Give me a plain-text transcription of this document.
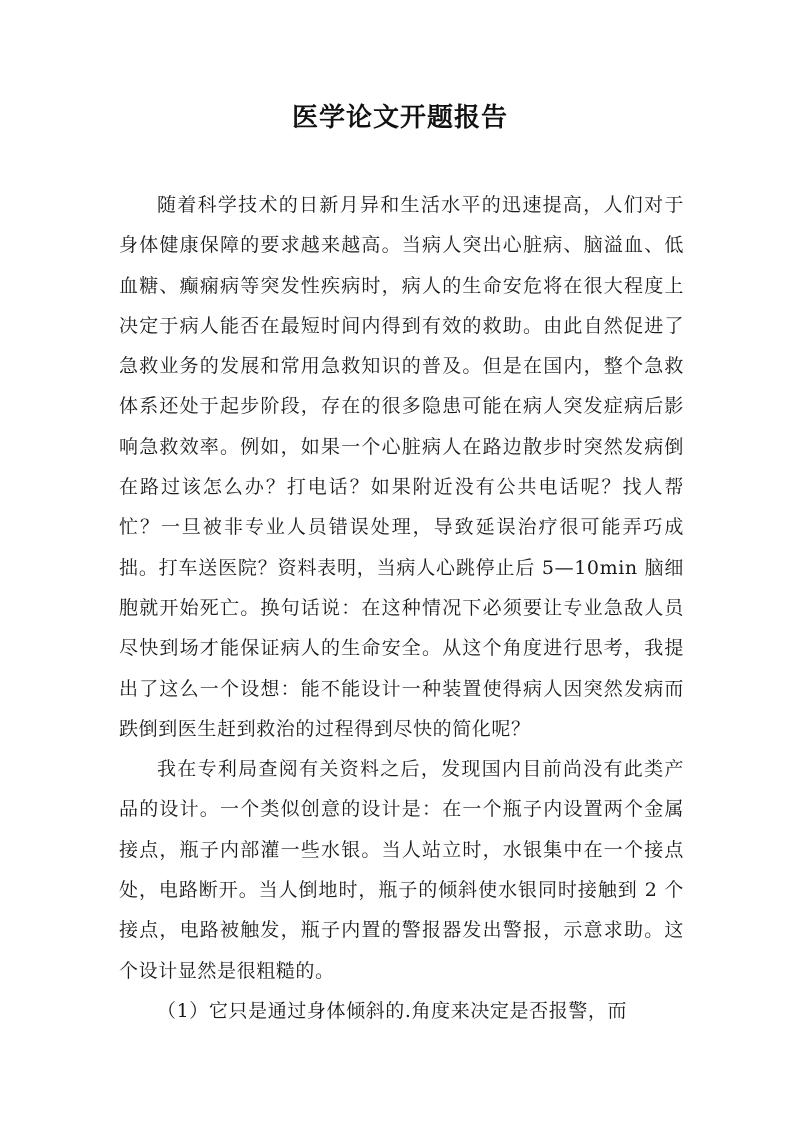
医学论文开题报告

随着科学技术的日新月异和生活水平的迅速提高，人们对于身体健康保障的要求越来越高。当病人突出心脏病、脑溢血、低血糖、癫痫病等突发性疾病时，病人的生命安危将在很大程度上决定于病人能否在最短时间内得到有效的救助。由此自然促进了急救业务的发展和常用急救知识的普及。但是在国内，整个急救体系还处于起步阶段，存在的很多隐患可能在病人突发症病后影响急救效率。例如，如果一个心脏病人在路边散步时突然发病倒在路过该怎么办？打电话？如果附近没有公共电话呢？找人帮忙？一旦被非专业人员错误处理，导致延误治疗很可能弄巧成拙。打车送医院？资料表明，当病人心跳停止后 5—10min 脑细胞就开始死亡。换句话说：在这种情况下必须要让专业急敌人员尽快到场才能保证病人的生命安全。从这个角度进行思考，我提出了这么一个设想：能不能设计一种装置使得病人因突然发病而跌倒到医生赶到救治的过程得到尽快的简化呢？

我在专利局查阅有关资料之后，发现国内目前尚没有此类产品的设计。一个类似创意的设计是：在一个瓶子内设置两个金属接点，瓶子内部灌一些水银。当人站立时，水银集中在一个接点处，电路断开。当人倒地时，瓶子的倾斜使水银同时接触到 2 个接点，电路被触发，瓶子内置的警报器发出警报，示意求助。这个设计显然是很粗糙的。

（1）它只是通过身体倾斜的.角度来决定是否报警，而
